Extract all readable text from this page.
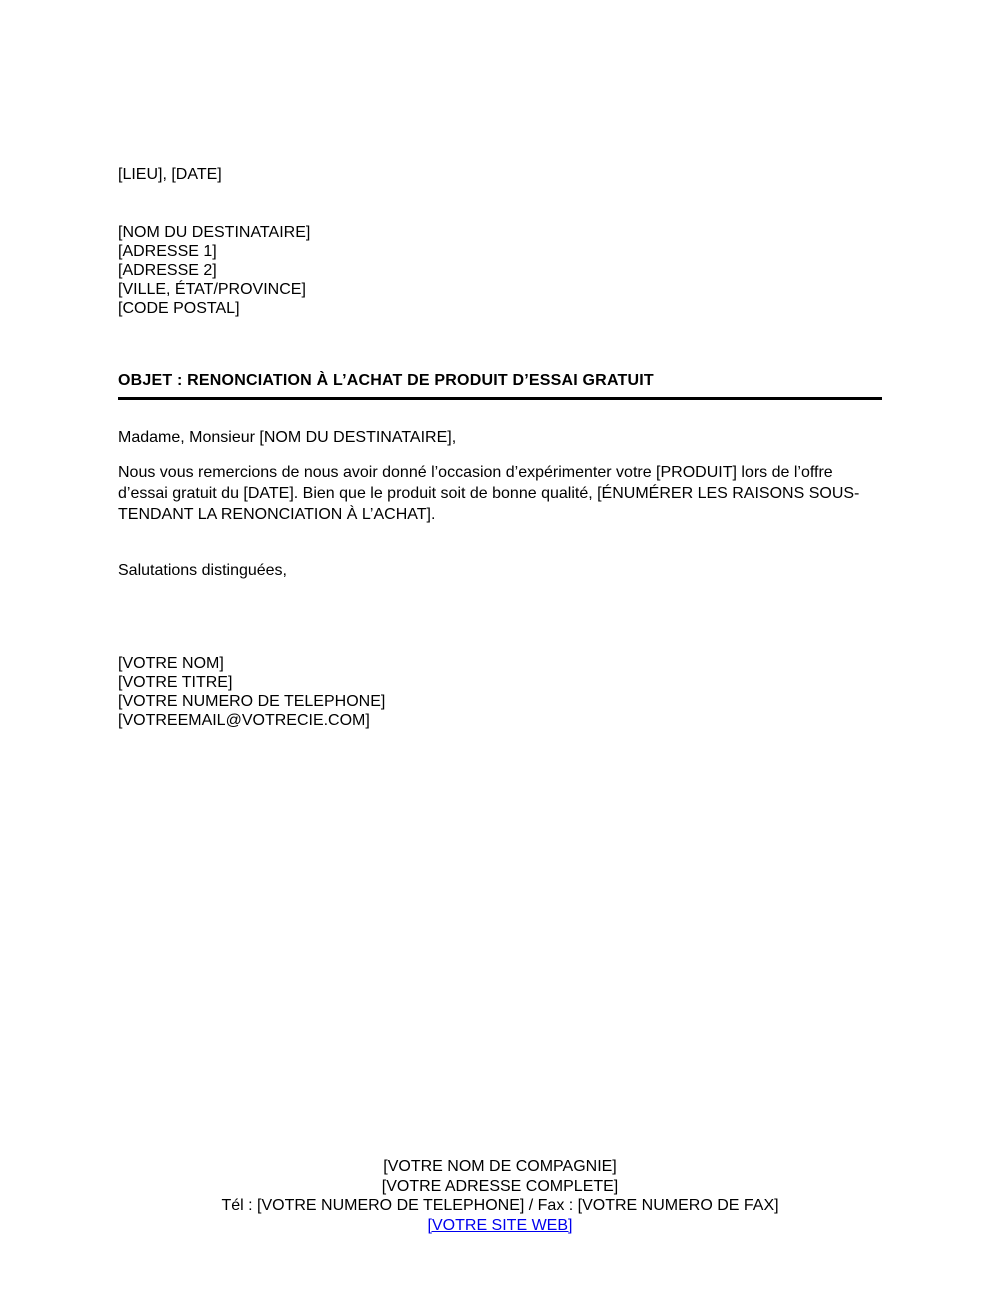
[LIEU], [DATE]
[NOM DU DESTINATAIRE]
[ADRESSE 1]
[ADRESSE 2]
[VILLE, ÉTAT/PROVINCE]
[CODE POSTAL]
OBJET : RENONCIATION À L’ACHAT DE PRODUIT D’ESSAI GRATUIT
Madame, Monsieur [NOM DU DESTINATAIRE],
Nous vous remercions de nous avoir donné l’occasion d’expérimenter votre [PRODUIT] lors de l’offre d’essai gratuit du [DATE]. Bien que le produit soit de bonne qualité, [ÉNUMÉRER LES RAISONS SOUS-TENDANT LA RENONCIATION À L’ACHAT].
Salutations distinguées,
[VOTRE NOM]
[VOTRE TITRE]
[VOTRE NUMERO DE TELEPHONE]
[VOTREEMAIL@VOTRECIE.COM]
[VOTRE NOM DE COMPAGNIE]
[VOTRE ADRESSE COMPLETE]
Tél : [VOTRE NUMERO DE TELEPHONE] / Fax : [VOTRE NUMERO DE FAX]
[VOTRE SITE WEB]
